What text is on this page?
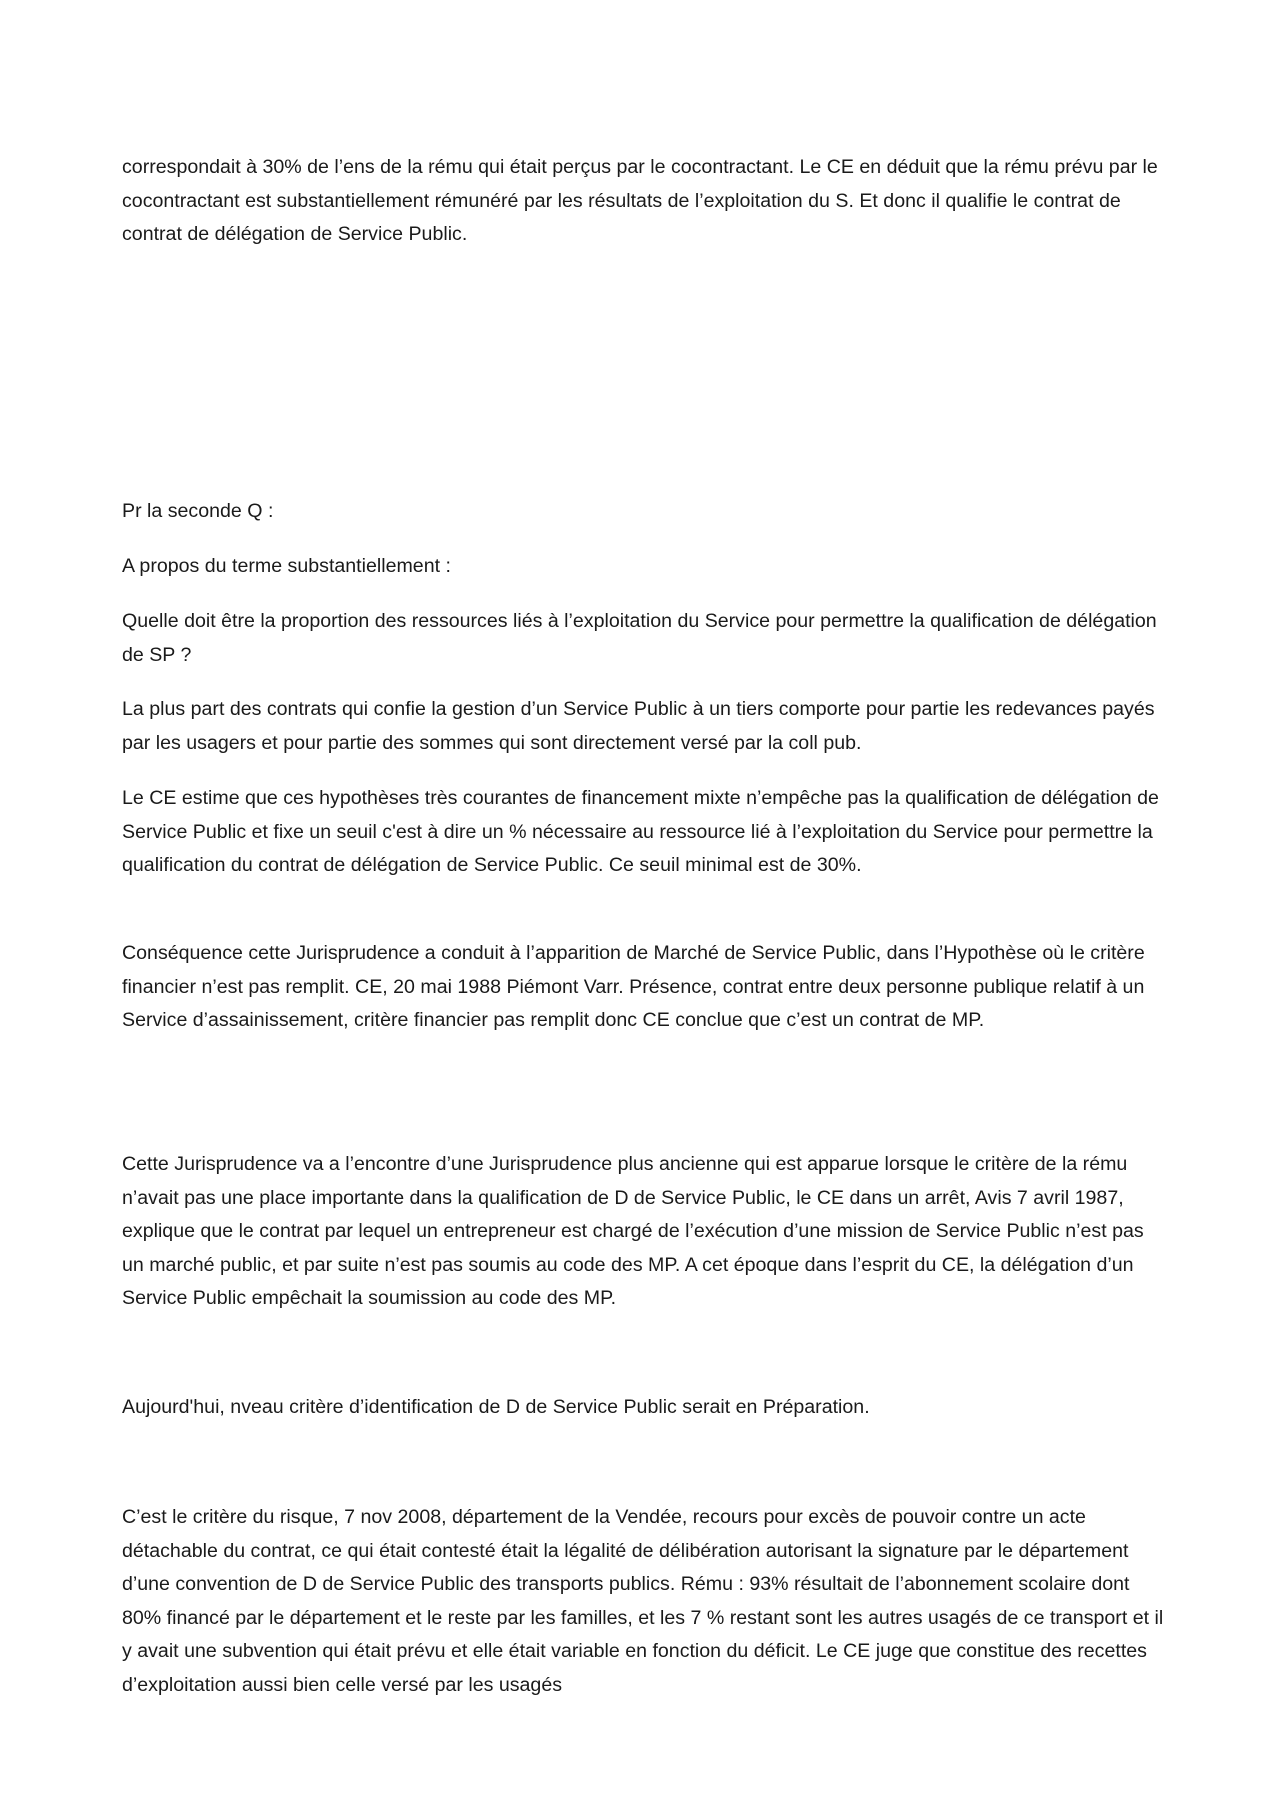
correspondait à 30% de l’ens de la rému qui était perçus par le cocontractant. Le CE en déduit que la rému prévu par le cocontractant est substantiellement rémunéré par les résultats de l’exploitation du S. Et donc il qualifie le contrat de contrat de délégation de Service Public.

Pr la seconde Q :

A propos du terme substantiellement :

Quelle doit être la proportion des ressources liés à l’exploitation du Service pour permettre la qualification de délégation de SP ?

La plus part des contrats qui confie la gestion d’un Service Public à un tiers comporte pour partie les redevances payés par les usagers et pour partie des sommes qui sont directement versé par la coll pub.

Le CE estime que ces hypothèses très courantes de financement mixte n’empêche pas la qualification de délégation de Service Public et fixe un seuil c'est à dire un % nécessaire au ressource lié à l’exploitation du Service pour permettre la qualification du contrat de délégation de Service Public. Ce seuil minimal est de 30%.

Conséquence cette Jurisprudence a conduit à l’apparition de Marché de Service Public, dans l’Hypothèse où le critère financier n’est pas remplit. CE, 20 mai 1988 Piémont Varr. Présence, contrat entre deux personne publique relatif à un Service d’assainissement, critère financier pas remplit donc CE conclue que c’est un contrat de MP.

Cette Jurisprudence va a l’encontre d’une Jurisprudence plus ancienne qui est apparue lorsque le critère de la rému n’avait pas une place importante dans la qualification de D de Service Public, le CE dans un arrêt, Avis 7 avril 1987, explique que le contrat par lequel un entrepreneur est chargé de l’exécution d’une mission de Service Public n’est pas un marché public, et par suite n’est pas soumis au code des MP. A cet époque dans l’esprit du CE, la délégation d’un Service Public empêchait la soumission au code des MP.

Aujourd'hui, nveau critère d’identification de D de Service Public serait en Préparation.

C’est le critère du risque, 7 nov 2008, département de la Vendée, recours pour excès de pouvoir contre un acte détachable du contrat, ce qui était contesté était la légalité de délibération autorisant la signature par le département d’une convention de D de Service Public des transports publics. Rému : 93% résultait de l’abonnement scolaire dont 80% financé par le département et le reste par les familles, et les 7 % restant sont les autres usagés de ce transport et il y avait une subvention qui était prévu et elle était variable en fonction du déficit. Le CE juge que constitue des recettes d’exploitation aussi bien celle versé par les usagés
